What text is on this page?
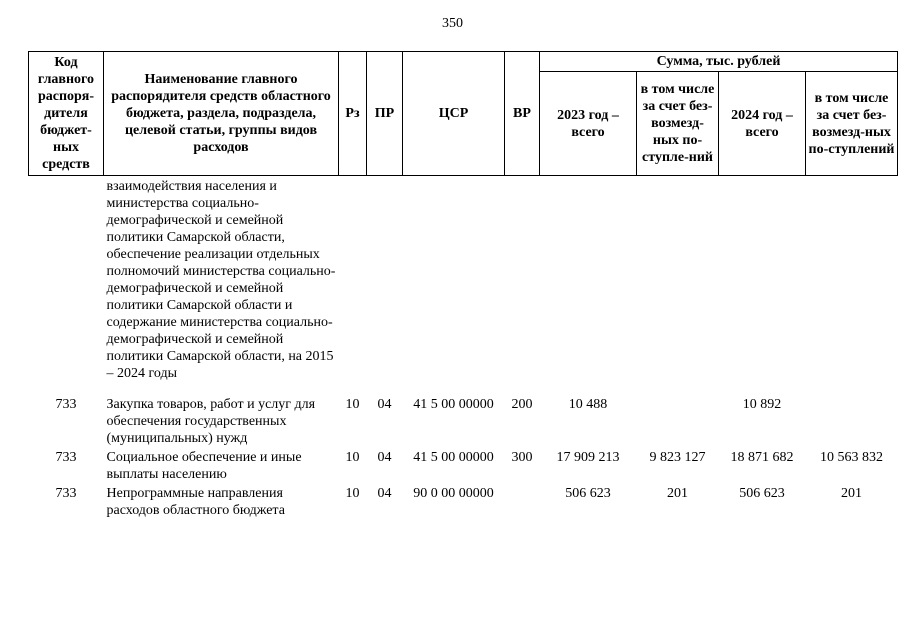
350
Код главного распоря-дителя бюджет-ных средств	Наименование главного распорядителя средств областного бюджета, раздела, подраздела, целевой статьи, группы видов расходов	Рз	ПР	ЦСР	ВР	Сумма, тыс. рублей			
						2023 год – всего	в том числе за счет без-возмезд-ных по-ступле-ний	2024 год – всего	в том числе за счет без-возмезд-ных по-ступлений
	взаимодействия населения и министерства социально-демографической и семейной политики Самарской области, обеспечение реализации отдельных полномочий министерства социально-демографической и семейной политики Самарской области и содержание министерства социально-демографической и семейной политики Самарской области, на 2015 – 2024 годы								
733	Закупка товаров, работ и услуг для обеспечения государственных (муниципальных) нужд	10	04	41 5 00 00000	200	10 488		10 892	
733	Социальное обеспечение и иные выплаты населению	10	04	41 5 00 00000	300	17 909 213	9 823 127	18 871 682	10 563 832
733	Непрограммные направления расходов областного бюджета	10	04	90 0 00 00000		506 623	201	506 623	201
